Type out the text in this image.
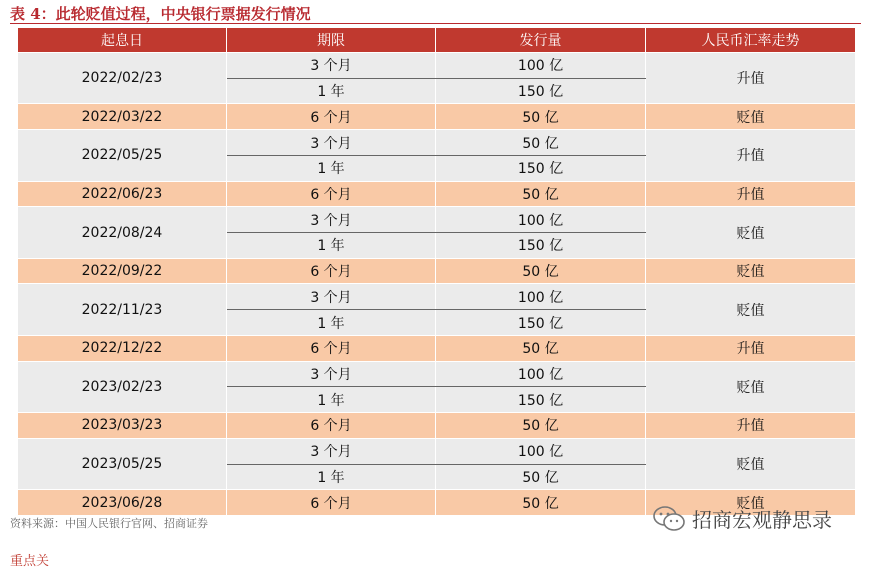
表 4：此轮贬值过程，中央银行票据发行情况
起息日	期限	发行量	人民币汇率走势
2022/02/23	3 个月	100 亿	升值
	1 年	150 亿	
2022/03/22	6 个月	50 亿	贬值
2022/05/25	3 个月	50 亿	升值
	1 年	150 亿	
2022/06/23	6 个月	50 亿	升值
2022/08/24	3 个月	100 亿	贬值
	1 年	150 亿	
2022/09/22	6 个月	50 亿	贬值
2022/11/23	3 个月	100 亿	贬值
	1 年	150 亿	
2022/12/22	6 个月	50 亿	升值
2023/02/23	3 个月	100 亿	贬值
	1 年	150 亿	
2023/03/23	6 个月	50 亿	升值
2023/05/25	3 个月	100 亿	贬值
	1 年	50 亿	
2023/06/28	6 个月	50 亿	贬值
资料来源：中国人民银行官网、招商证券	招商宏观静思录
重点关
